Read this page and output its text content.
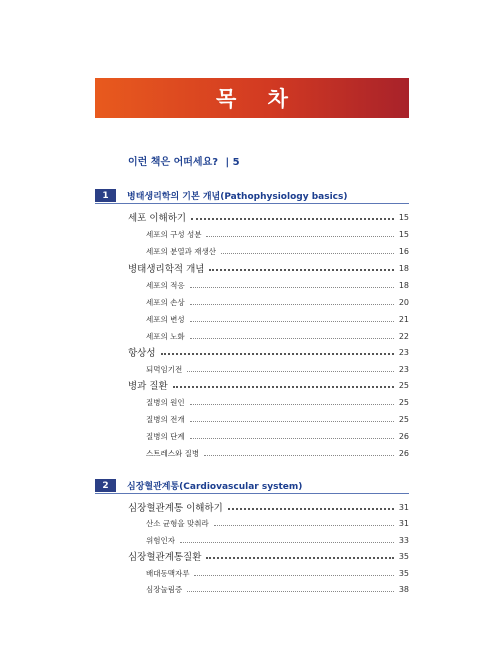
목 차
이런 책은 어떠세요? | 5
1	병태생리학의 기본 개념(Pathophysiology basics)
세포 이해하기	15
세포의 구성 성분	15
세포의 분열과 재생산	16
병태생리학적 개념	18
세포의 적응	18
세포의 손상	20
세포의 변성	21
세포의 노화	22
항상성	23
되먹임기전	23
병과 질환	25
질병의 원인	25
질병의 전개	25
질병의 단계	26
스트레스와 질병	26
2	심장혈관계통(Cardiovascular system)
심장혈관계통 이해하기	31
산소 균형을 맞춰라	31
위험인자	33
심장혈관계통질환	35
배대동맥자루	35
심장눌림증	38
